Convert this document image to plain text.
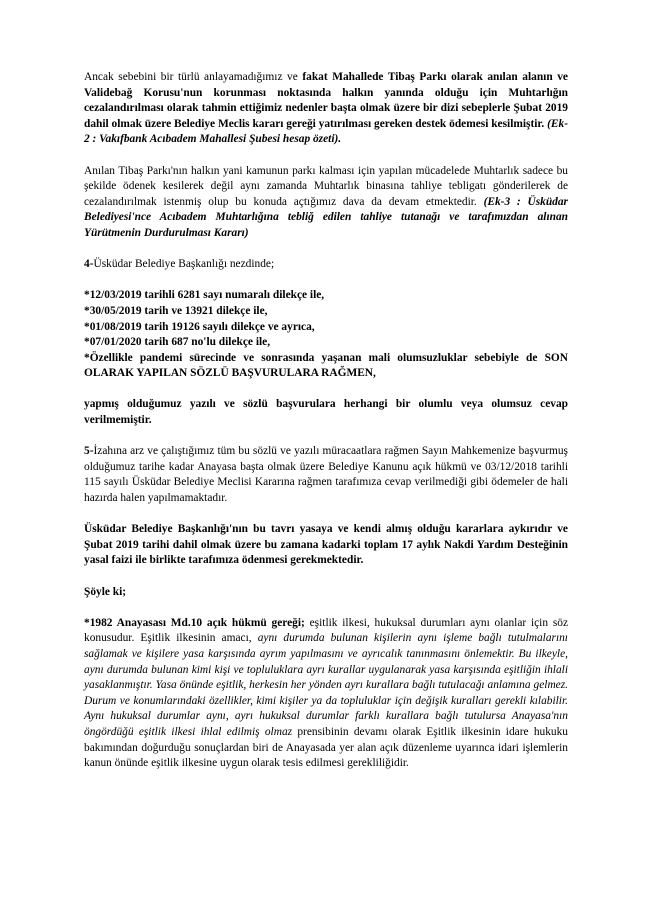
Ancak sebebini bir türlü anlayamadığımız ve fakat Mahallede Tibaş Parkı olarak anılan alanın ve Validebağ Korusu'nun korunması noktasında halkın yanında olduğu için Muhtarlığın cezalandırılması olarak tahmin ettiğimiz nedenler başta olmak üzere bir dizi sebeplerle Şubat 2019 dahil olmak üzere Belediye Meclis kararı gereği yatırılması gereken destek ödemesi kesilmiştir. (Ek-2 : Vakıfbank Acıbadem Mahallesi Şubesi hesap özeti).

Anılan Tibaş Parkı'nın halkın yani kamunun parkı kalması için yapılan mücadelede Muhtarlık sadece bu şekilde ödenek kesilerek değil aynı zamanda Muhtarlık binasına tahliye tebligatı gönderilerek de cezalandırılmak istenmiş olup bu konuda açtığımız dava da devam etmektedir. (Ek-3 : Üsküdar Belediyesi'nce Acıbadem Muhtarlığına tebliğ edilen tahliye tutanağı ve tarafımızdan alınan Yürütmenin Durdurulması Kararı)

4-Üsküdar Belediye Başkanlığı nezdinde;

*12/03/2019 tarihli 6281 sayı numaralı dilekçe ile,

*30/05/2019 tarih ve 13921 dilekçe ile,

*01/08/2019 tarih 19126 sayılı dilekçe ve ayrıca,

*07/01/2020 tarih 687 no'lu dilekçe ile,

*Özellikle pandemi sürecinde ve sonrasında yaşanan mali olumsuzluklar sebebiyle de SON OLARAK YAPILAN SÖZLÜ BAŞVURULARA RAĞMEN,

yapmış olduğumuz yazılı ve sözlü başvurulara herhangi bir olumlu veya olumsuz cevap verilmemiştir.

5-İzahına arz ve çalıştığımız tüm bu sözlü ve yazılı müracaatlara rağmen Sayın Mahkemenize başvurmuş olduğumuz tarihe kadar Anayasa başta olmak üzere Belediye Kanunu açık hükmü ve 03/12/2018 tarihli 115 sayılı Üsküdar Belediye Meclisi Kararına rağmen tarafımıza cevap verilmediği gibi ödemeler de hali hazırda halen yapılmamaktadır.

Üsküdar Belediye Başkanlığı'nın bu tavrı yasaya ve kendi almış olduğu kararlara aykırıdır ve Şubat 2019 tarihi dahil olmak üzere bu zamana kadarki toplam 17 aylık Nakdi Yardım Desteğinin yasal faizi ile birlikte tarafımıza ödenmesi gerekmektedir.

Şöyle ki;

*1982 Anayasası Md.10 açık hükmü gereği; eşitlik ilkesi, hukuksal durumları aynı olanlar için söz konusudur. Eşitlik ilkesinin amacı, aynı durumda bulunan kişilerin aynı işleme bağlı tutulmalarını sağlamak ve kişilere yasa karşısında ayrım yapılmasını ve ayrıcalık tanınmasını önlemektir. Bu ilkeyle, aynı durumda bulunan kimi kişi ve topluluklara ayrı kurallar uygulanarak yasa karşısında eşitliğin ihlali yasaklanmıştır. Yasa önünde eşitlik, herkesin her yönden ayrı kurallara bağlı tutulacağı anlamına gelmez. Durum ve konumlarındaki özellikler, kimi kişiler ya da topluluklar için değişik kuralları gerekli kılabilir. Aynı hukuksal durumlar aynı, ayrı hukuksal durumlar farklı kurallara bağlı tutulursa Anayasa'nın öngördüğü eşitlik ilkesi ihlal edilmiş olmaz prensibinin devamı olarak Eşitlik ilkesinin idare hukuku bakımından doğurduğu sonuçlardan biri de Anayasada yer alan açık düzenleme uyarınca idari işlemlerin kanun önünde eşitlik ilkesine uygun olarak tesis edilmesi gerekliliğidir.
